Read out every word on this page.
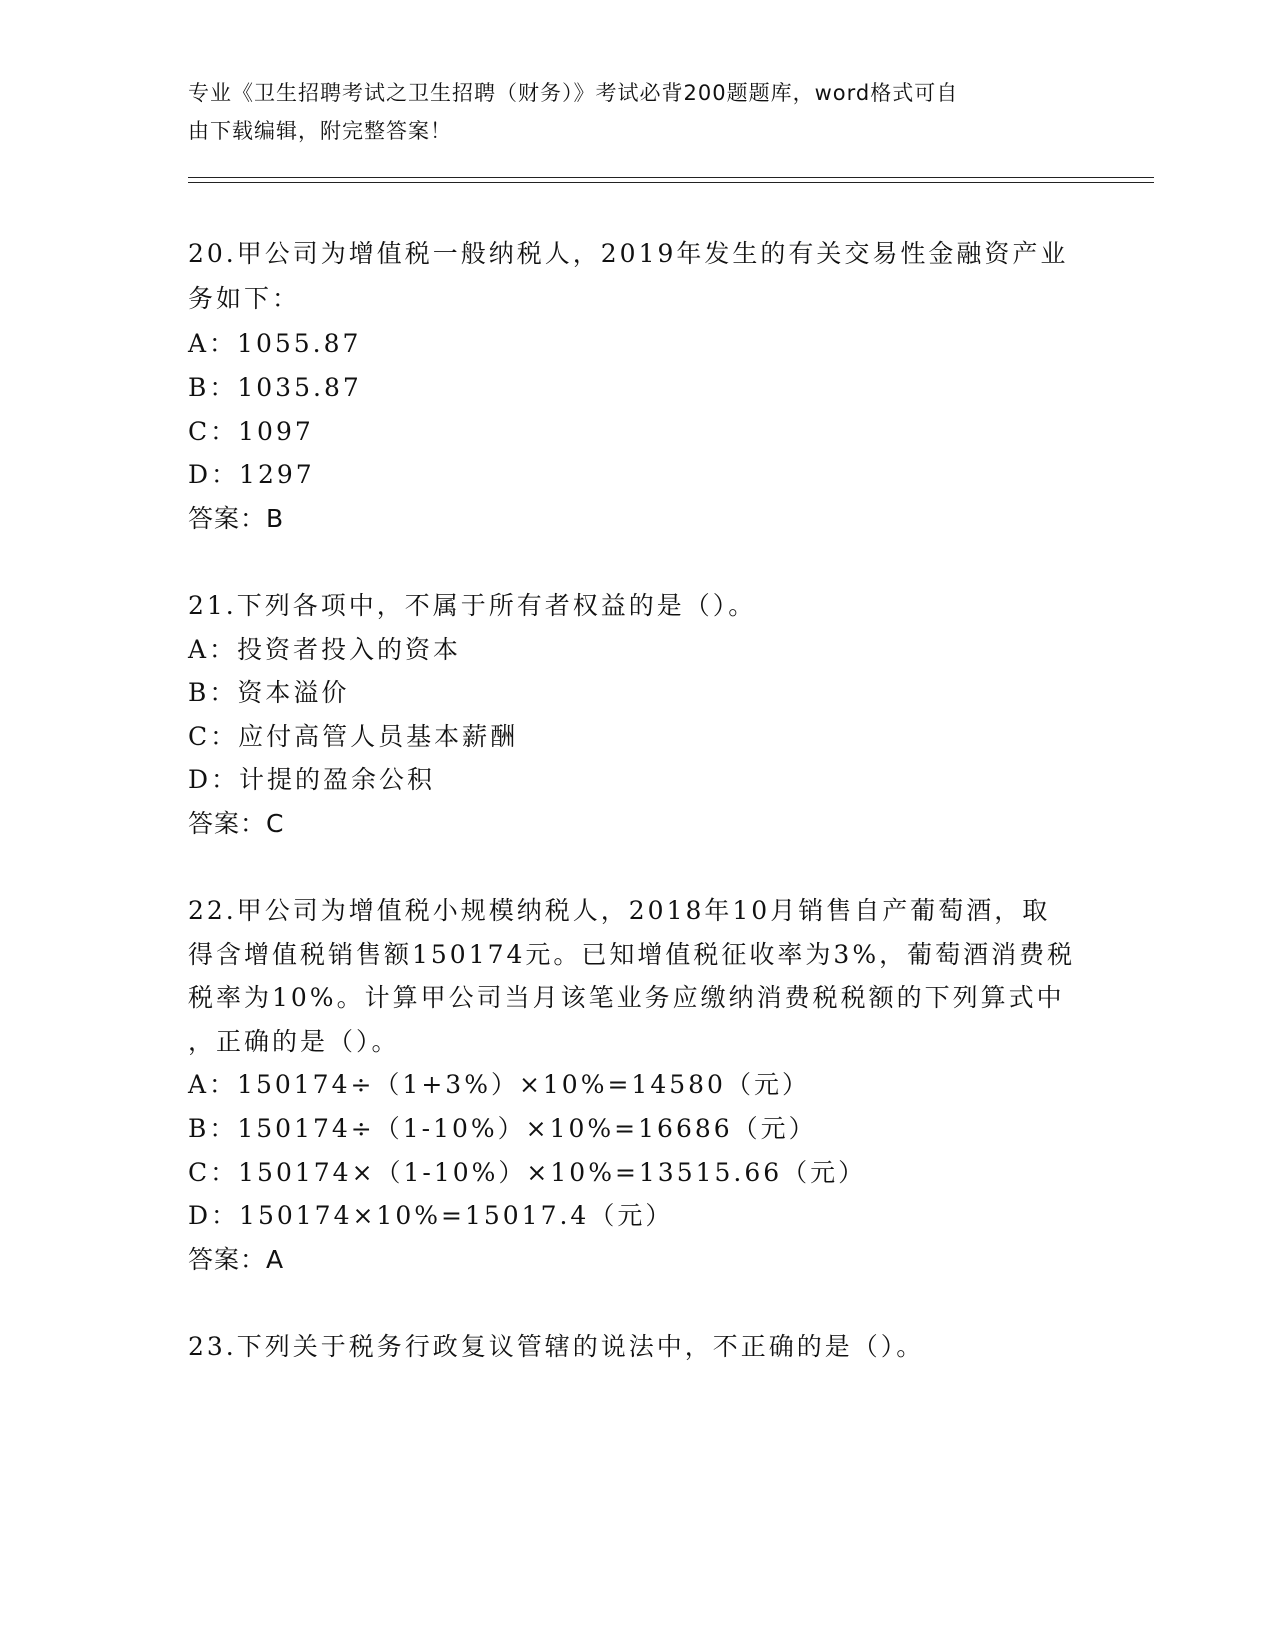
专业《卫生招聘考试之卫生招聘（财务）》考试必背200题题库，word格式可自
由下载编辑，附完整答案！
20.甲公司为增值税一般纳税人，2019年发生的有关交易性金融资产业
务如下：
A：1055.87
B：1035.87
C：1097
D：1297
答案：B
21.下列各项中，不属于所有者权益的是（）。
A：投资者投入的资本
B：资本溢价
C：应付高管人员基本薪酬
D：计提的盈余公积
答案：C
22.甲公司为增值税小规模纳税人，2018年10月销售自产葡萄酒，取
得含增值税销售额150174元。已知增值税征收率为3%，葡萄酒消费税
税率为10%。计算甲公司当月该笔业务应缴纳消费税税额的下列算式中
，正确的是（）。
A：150174÷（1+3%）×10%=14580（元）
B：150174÷（1-10%）×10%=16686（元）
C：150174×（1-10%）×10%=13515.66（元）
D：150174×10%=15017.4（元）
答案：A
23.下列关于税务行政复议管辖的说法中，不正确的是（）。
